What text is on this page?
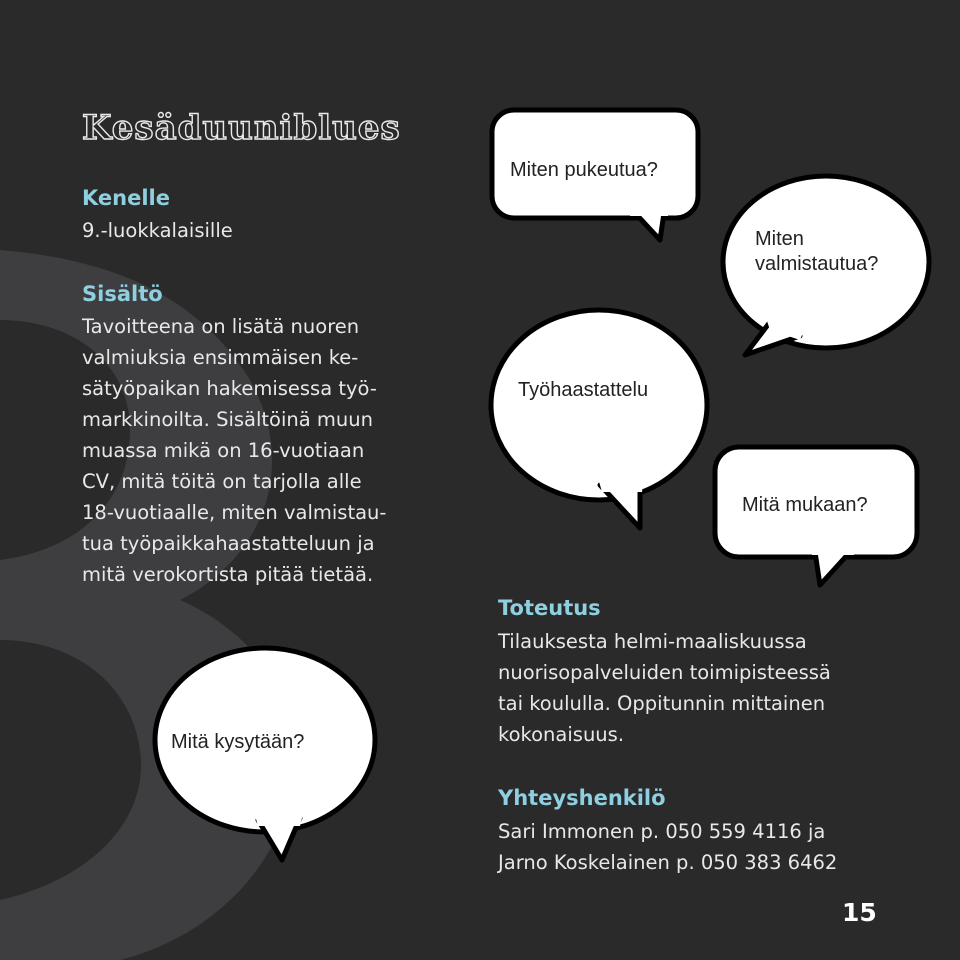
Kesäduuniblues
Kenelle
9.-luokkalaisille
Sisältö
Tavoitteena on lisätä nuoren
valmiuksia ensimmäisen ke-
sätyöpaikan hakemisessa työ-
markkinoilta. Sisältöinä muun
muassa mikä on 16-vuotiaan
CV, mitä töitä on tarjolla alle
18-vuotiaalle, miten valmistau-
tua työpaikkahaastatteluun ja
mitä verokortista pitää tietää.
Miten pukeutua?
Miten
valmistautua?
Työhaastattelu
Mitä mukaan?
Mitä kysytään?
Toteutus
Tilauksesta helmi-maaliskuussa
nuorisopalveluiden toimipisteessä
tai koululla. Oppitunnin mittainen
kokonaisuus.
Yhteyshenkilö
Sari Immonen p. 050 559 4116 ja
Jarno Koskelainen p. 050 383 6462
15
